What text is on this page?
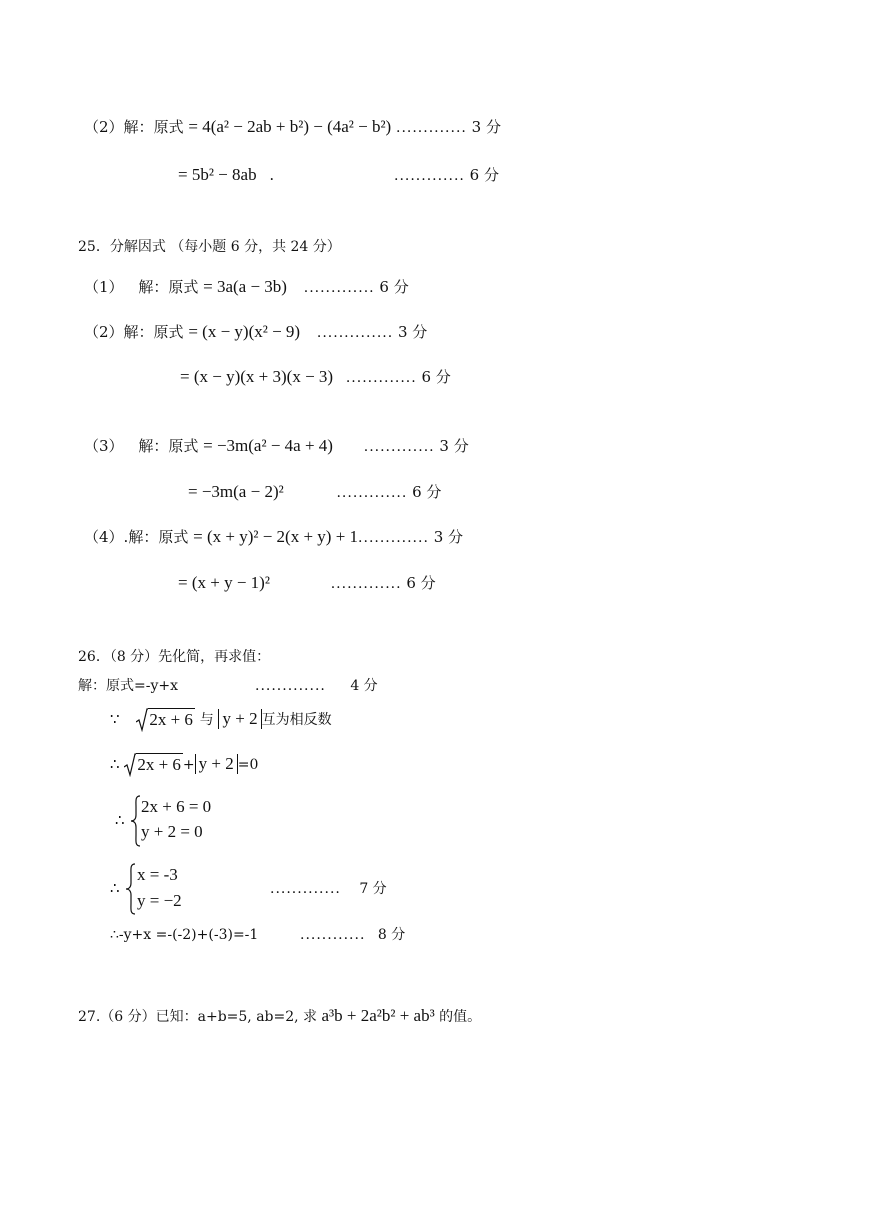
（2）解：原式 = 4(a² − 2ab + b²) − (4a² − b²) ............. 3 分
= 5b² − 8ab .	............. 6 分
25．分解因式 （每小题 6 分，共 24 分）
（1） 解：原式 = 3a(a − 3b) ............. 6 分
（2）解：原式 = (x − y)(x² − 9) .............. 3 分
= (x − y)(x + 3)(x − 3) ............. 6 分
（3） 解：原式 = −3m(a² − 4a + 4) ............. 3 分
= −3m(a − 2)²	............. 6 分
（4）.解：原式 = (x + y)² − 2(x + y) + 1............. 3 分
= (x + y − 1)²	............. 6 分
26．（8 分）先化简，再求值：
解：原式=-y+x	............. 4 分
∵ 2x + 6 与 y + 2 互为相反数
∴ 2x + 6 + y + 2 =0
∴
2x + 6 = 0
y + 2 = 0
∴
x = -3
y = −2
............. 7 分
∴-y+x =-(-2)+(-3)=-1	............ 8 分
27.（6 分）已知：a+b=5, ab=2, 求 a³b + 2a²b² + ab³ 的值。
